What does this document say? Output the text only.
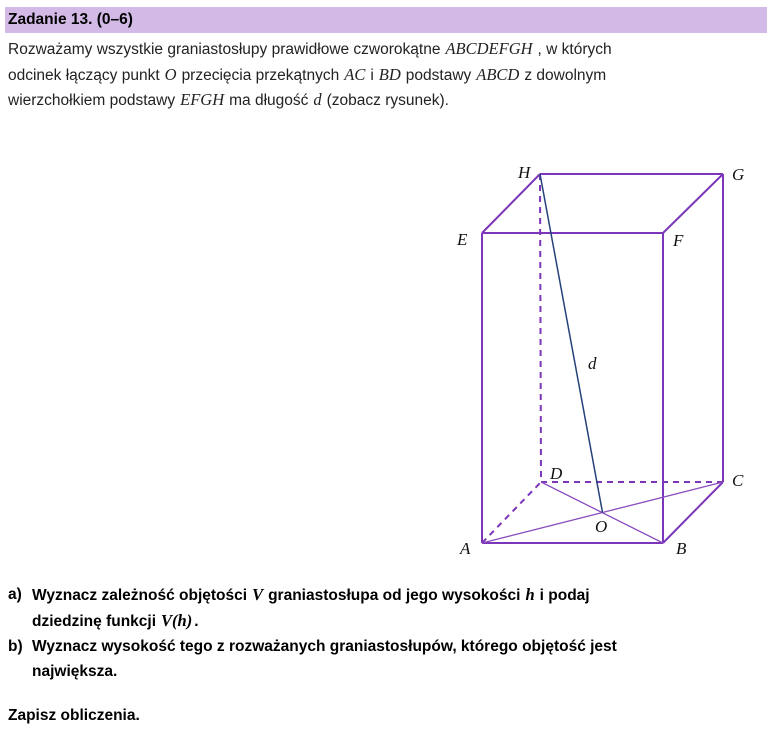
Zadanie 13. (0–6)
Rozważamy wszystkie graniastosłupy prawidłowe czworokątne ABCDEFGH , w których
odcinek łączący punkt O przecięcia przekątnych AC i BD podstawy ABCD z dowolnym
wierzchołkiem podstawy EFGH ma długość d (zobacz rysunek).
H	G
E	F
D	C
A	B
O
d
a) Wyznacz zależność objętości V graniastosłupa od jego wysokości h i podaj
dziedzinę funkcji V(h) .
b) Wyznacz wysokość tego z rozważanych graniastosłupów, którego objętość jest
największa.
Zapisz obliczenia.
